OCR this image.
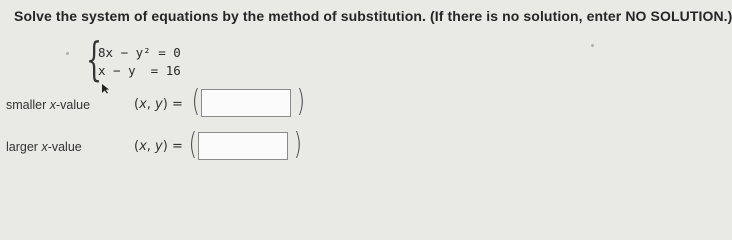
Solve the system of equations by the method of substitution. (If there is no solution, enter NO SOLUTION.)
{
8x − y² = 0
x − y  = 16
smaller x-value	(x, y) = (	)
larger x-value	(x, y) = (	)
